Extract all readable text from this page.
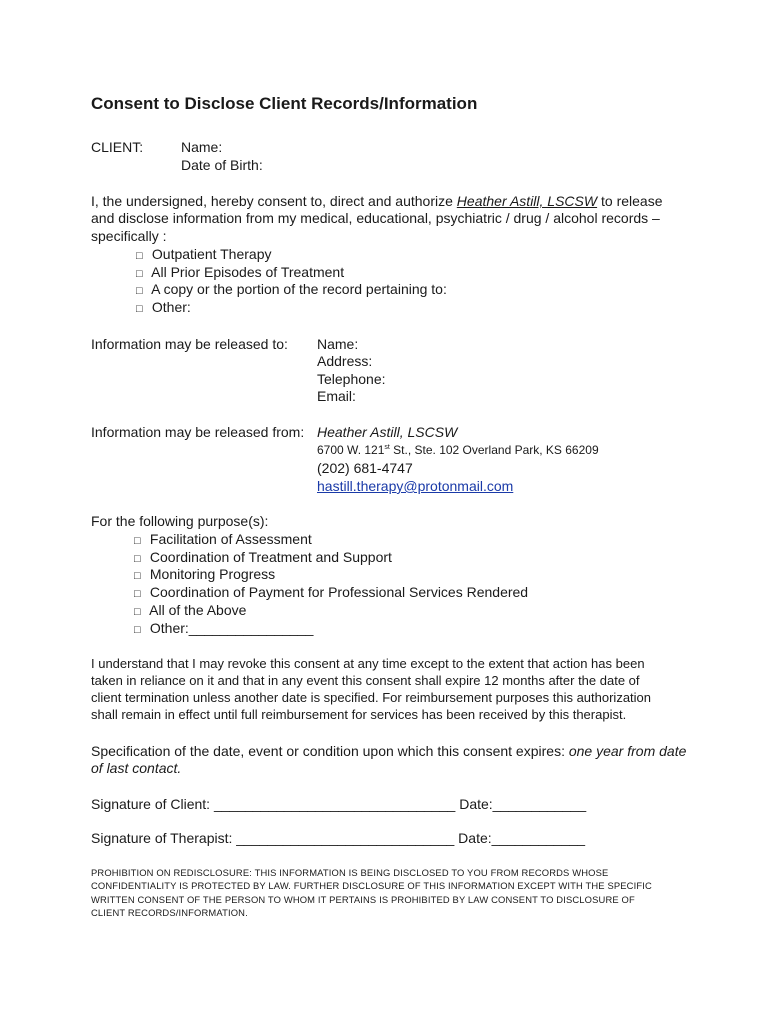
Consent to Disclose Client Records/Information
CLIENT:	Name:
Date of Birth:
I, the undersigned, hereby consent to, direct and authorize Heather Astill, LSCSW to release
and disclose information from my medical, educational, psychiatric / drug / alcohol records –
specifically :
□ Outpatient Therapy
□ All Prior Episodes of Treatment
□ A copy or the portion of the record pertaining to:
□ Other:
Information may be released to: Name:
Address:
Telephone:
Email:
Information may be released from: Heather Astill, LSCSW
6700 W. 121st St., Ste. 102 Overland Park, KS 66209
(202) 681-4747
hastill.therapy@protonmail.com
For the following purpose(s):
□ Facilitation of Assessment
□ Coordination of Treatment and Support
□ Monitoring Progress
□ Coordination of Payment for Professional Services Rendered
□ All of the Above
□ Other:________________
I understand that I may revoke this consent at any time except to the extent that action has been
taken in reliance on it and that in any event this consent shall expire 12 months after the date of
client termination unless another date is specified. For reimbursement purposes this authorization
shall remain in effect until full reimbursement for services has been received by this therapist.
Specification of the date, event or condition upon which this consent expires: one year from date
of last contact.
Signature of Client: _______________________________ Date:____________
Signature of Therapist: ____________________________ Date:____________
PROHIBITION ON REDISCLOSURE: THIS INFORMATION IS BEING DISCLOSED TO YOU FROM RECORDS WHOSE
CONFIDENTIALITY IS PROTECTED BY LAW. FURTHER DISCLOSURE OF THIS INFORMATION EXCEPT WITH THE SPECIFIC
WRITTEN CONSENT OF THE PERSON TO WHOM IT PERTAINS IS PROHIBITED BY LAW CONSENT TO DISCLOSURE OF
CLIENT RECORDS/INFORMATION.
